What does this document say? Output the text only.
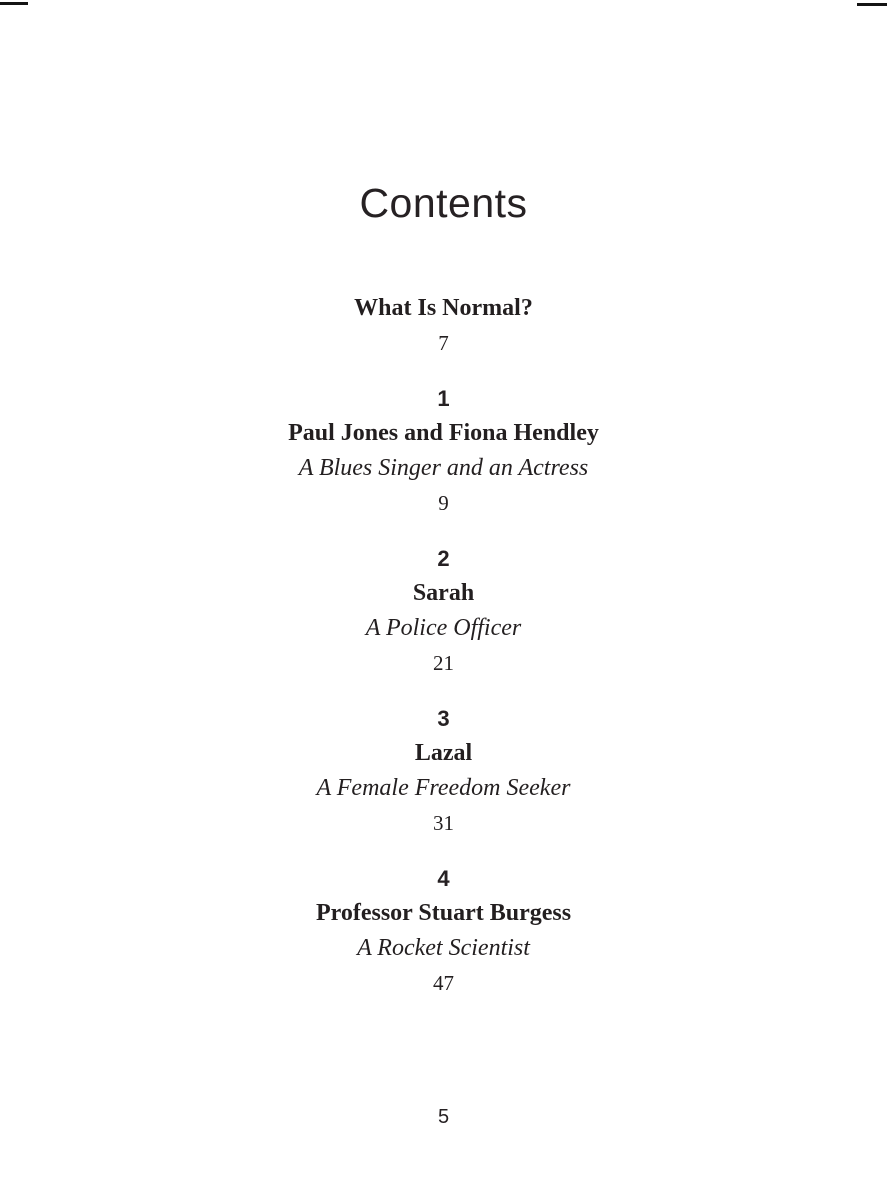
Contents
What Is Normal?
7
1
Paul Jones and Fiona Hendley
A Blues Singer and an Actress
9
2
Sarah
A Police Officer
21
3
Lazal
A Female Freedom Seeker
31
4
Professor Stuart Burgess
A Rocket Scientist
47
5
